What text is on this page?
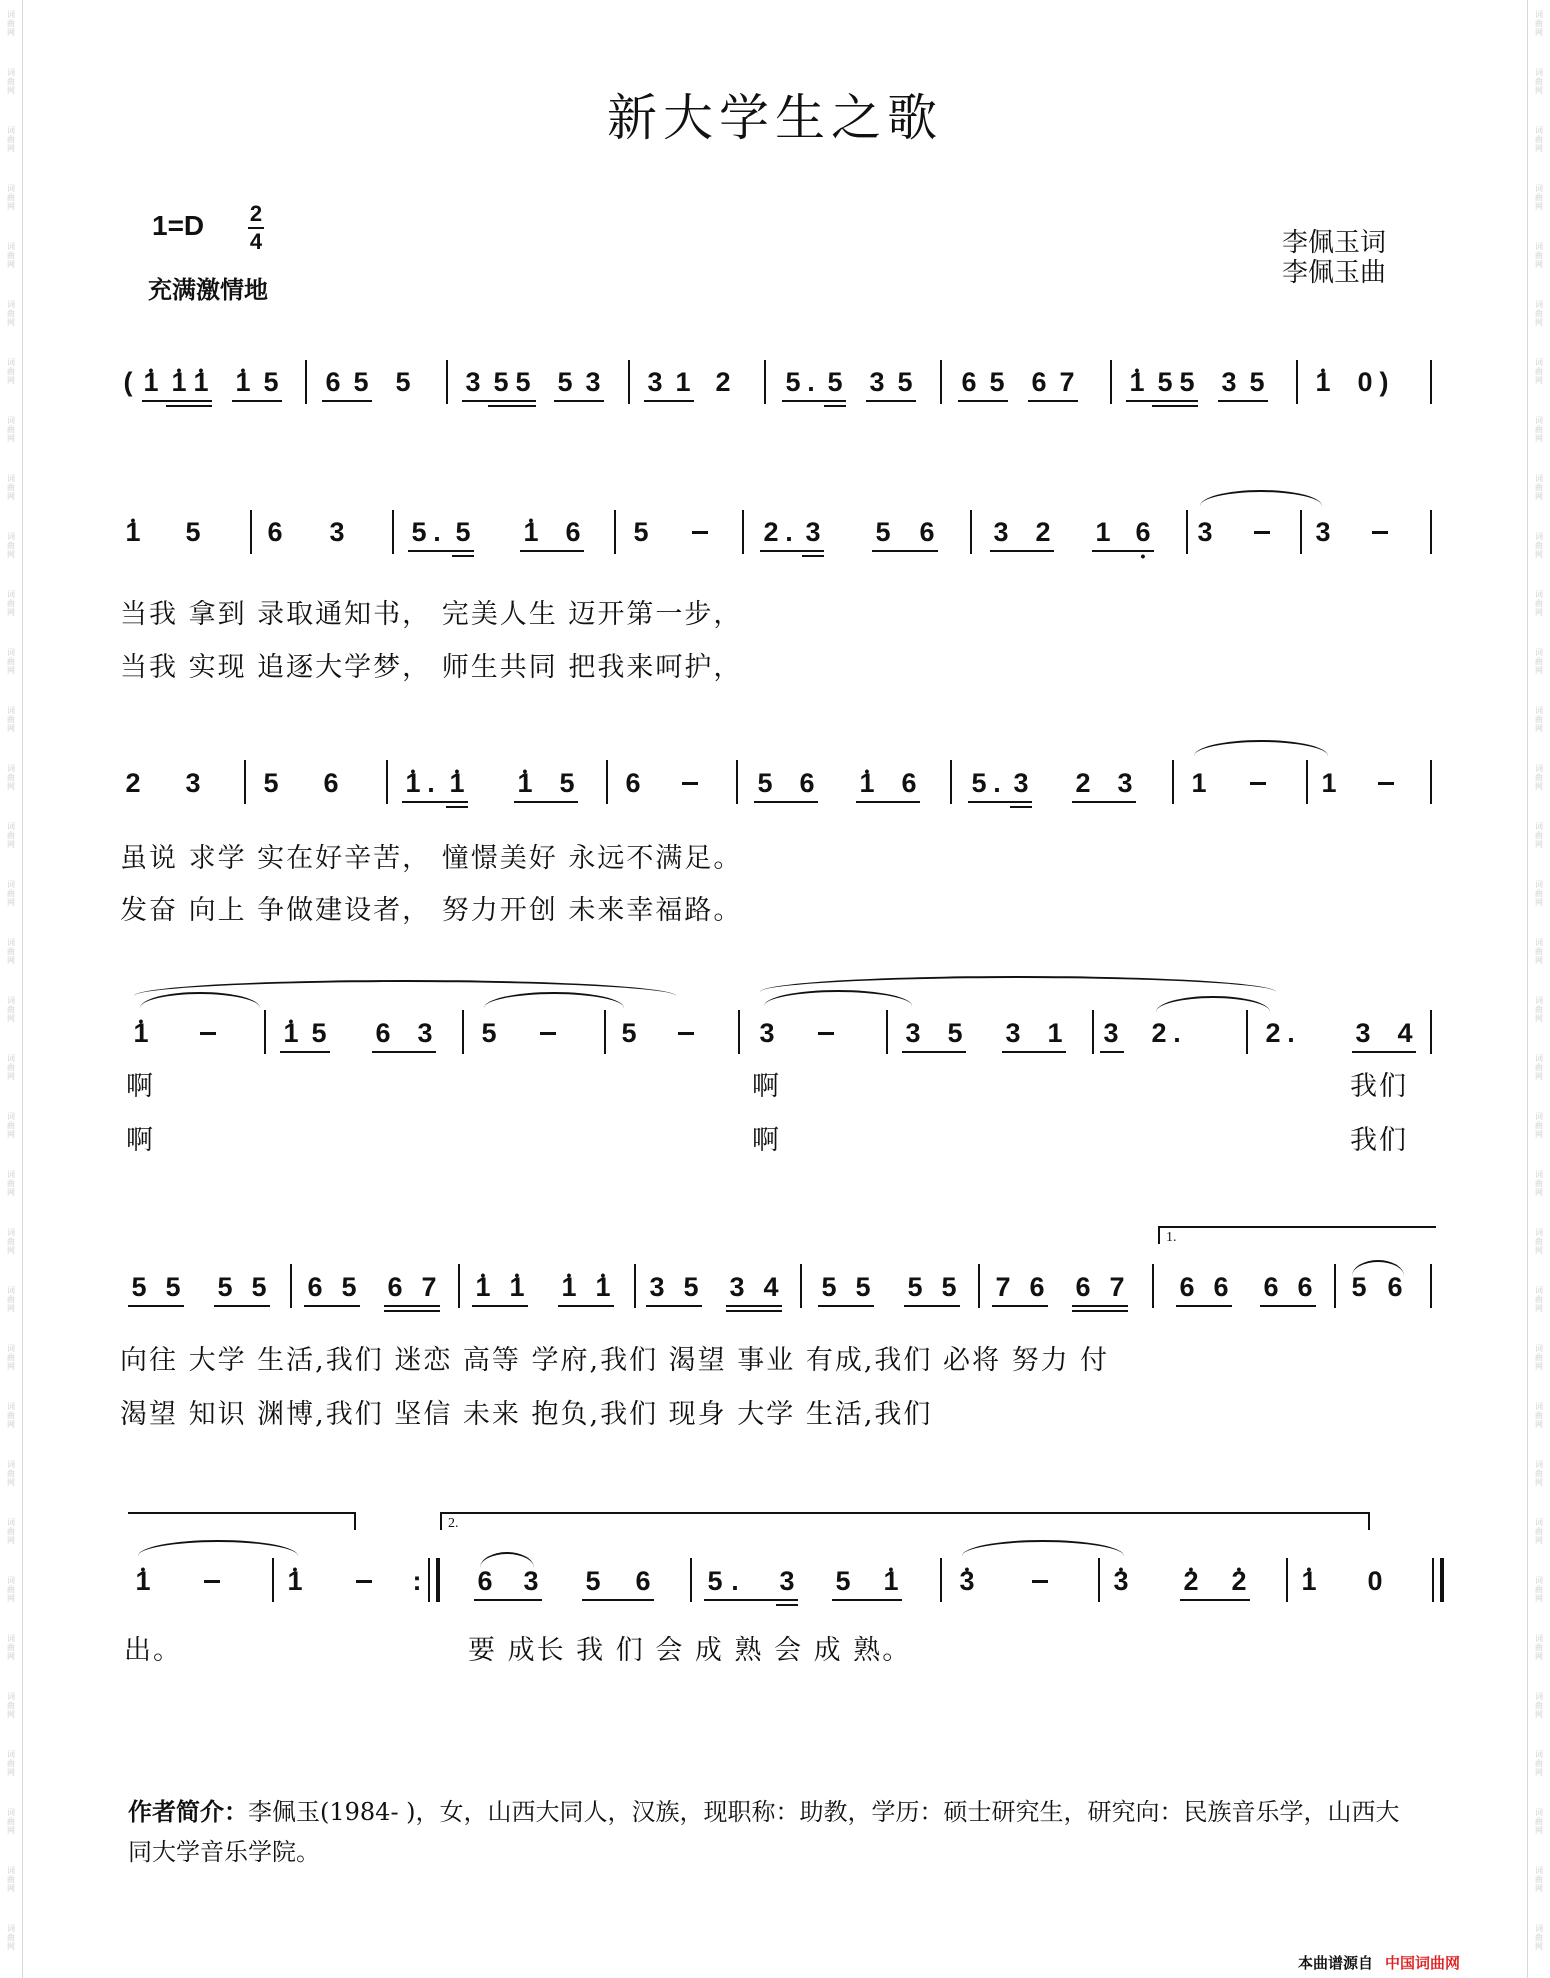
词
曲
网
词
曲
网
词
曲
网
词
曲
网
词
曲
网
词
曲
网
词
曲
网
词
曲
网
词
曲
网
词
曲
网
词
曲
网
词
曲
网
词
曲
网
词
曲
网
词
曲
网
词
曲
网
词
曲
网
词
曲
网
词
曲
网
词
曲
网
词
曲
网
词
曲
网
词
曲
网
词
曲
网
词
曲
网
词
曲
网
词
曲
网
词
曲
网
词
曲
网
词
曲
网
词
曲
网
词
曲
网
词
曲
网
词
曲
网
词
曲
网
词
曲
网
词
曲
网
词
曲
网
词
曲
网
词
曲
网
词
曲
网
词
曲
网
词
曲
网
词
曲
网
词
曲
网
词
曲
网
词
曲
网
词
曲
网
词
曲
网
词
曲
网
词
曲
网
词
曲
网
词
曲
网
词
曲
网
词
曲
网
词
曲
网
词
曲
网
词
曲
网
词
曲
网
词
曲
网
词
曲
网
词
曲
网
词
曲
网
词
曲
网
词
曲
网
词
曲
网
词
曲
网
词
曲
网
新大学生之歌
1=D 2
4
充满激情地
李佩玉词
李佩玉曲
( • 1 • 1 • 1 • 1 5 6 5 5 3 5 5 5 3 3 1 2 5 . 5 3 5 6 5 6 7 • 1 5 5 3 5 • 1 0 )
• 1 5 6 3 5 . 5 • 1 6 5	2 . 3 5 6 3 2 1 6 • 3	3
当我 拿到 录取通知书， 完美人生 迈开第一步，
当我 实现 追逐大学梦， 师生共同 把我来呵护，
2 3 5 6 • 1 . • 1 • 1 5 6	5 6 • 1 6 5 . 3 2 3 1	1
虽说 求学 实在好辛苦， 憧憬美好 永远不满足。
发奋 向上 争做建设者， 努力开创 未来幸福路。
• 1	• 1 5 6 3 5	5	3	3 5 3 1 3 2 .	2 . 3 4
啊	啊	我们
啊	啊	我们
1.
5 5 5 5 6 5 6 7 • 1 • 1 • 1 • 1 3 5 3 4 5 5 5 5 7 6 6 7 6 6 6 6 5 6
向往 大学 生活,我们 迷恋 高等 学府,我们 渴望 事业 有成,我们 必将 努力 付
渴望 知识 渊博,我们 坚信 未来 抱负,我们 现身 大学 生活,我们
2.
• 1	• 1	: 6 3 5 6 5 . 3 5 • 1 • 3	• 3 • 2 • 2 • 1 0
出。	要 成长 我 们 会 成 熟 会 成 熟。
作者简介：李佩玉(1984- )，女，山西大同人，汉族，现职称：助教，学历：硕士研究生，研究向：民族音乐学，山西大同大学音乐学院。
本曲谱源自 中国词曲网
